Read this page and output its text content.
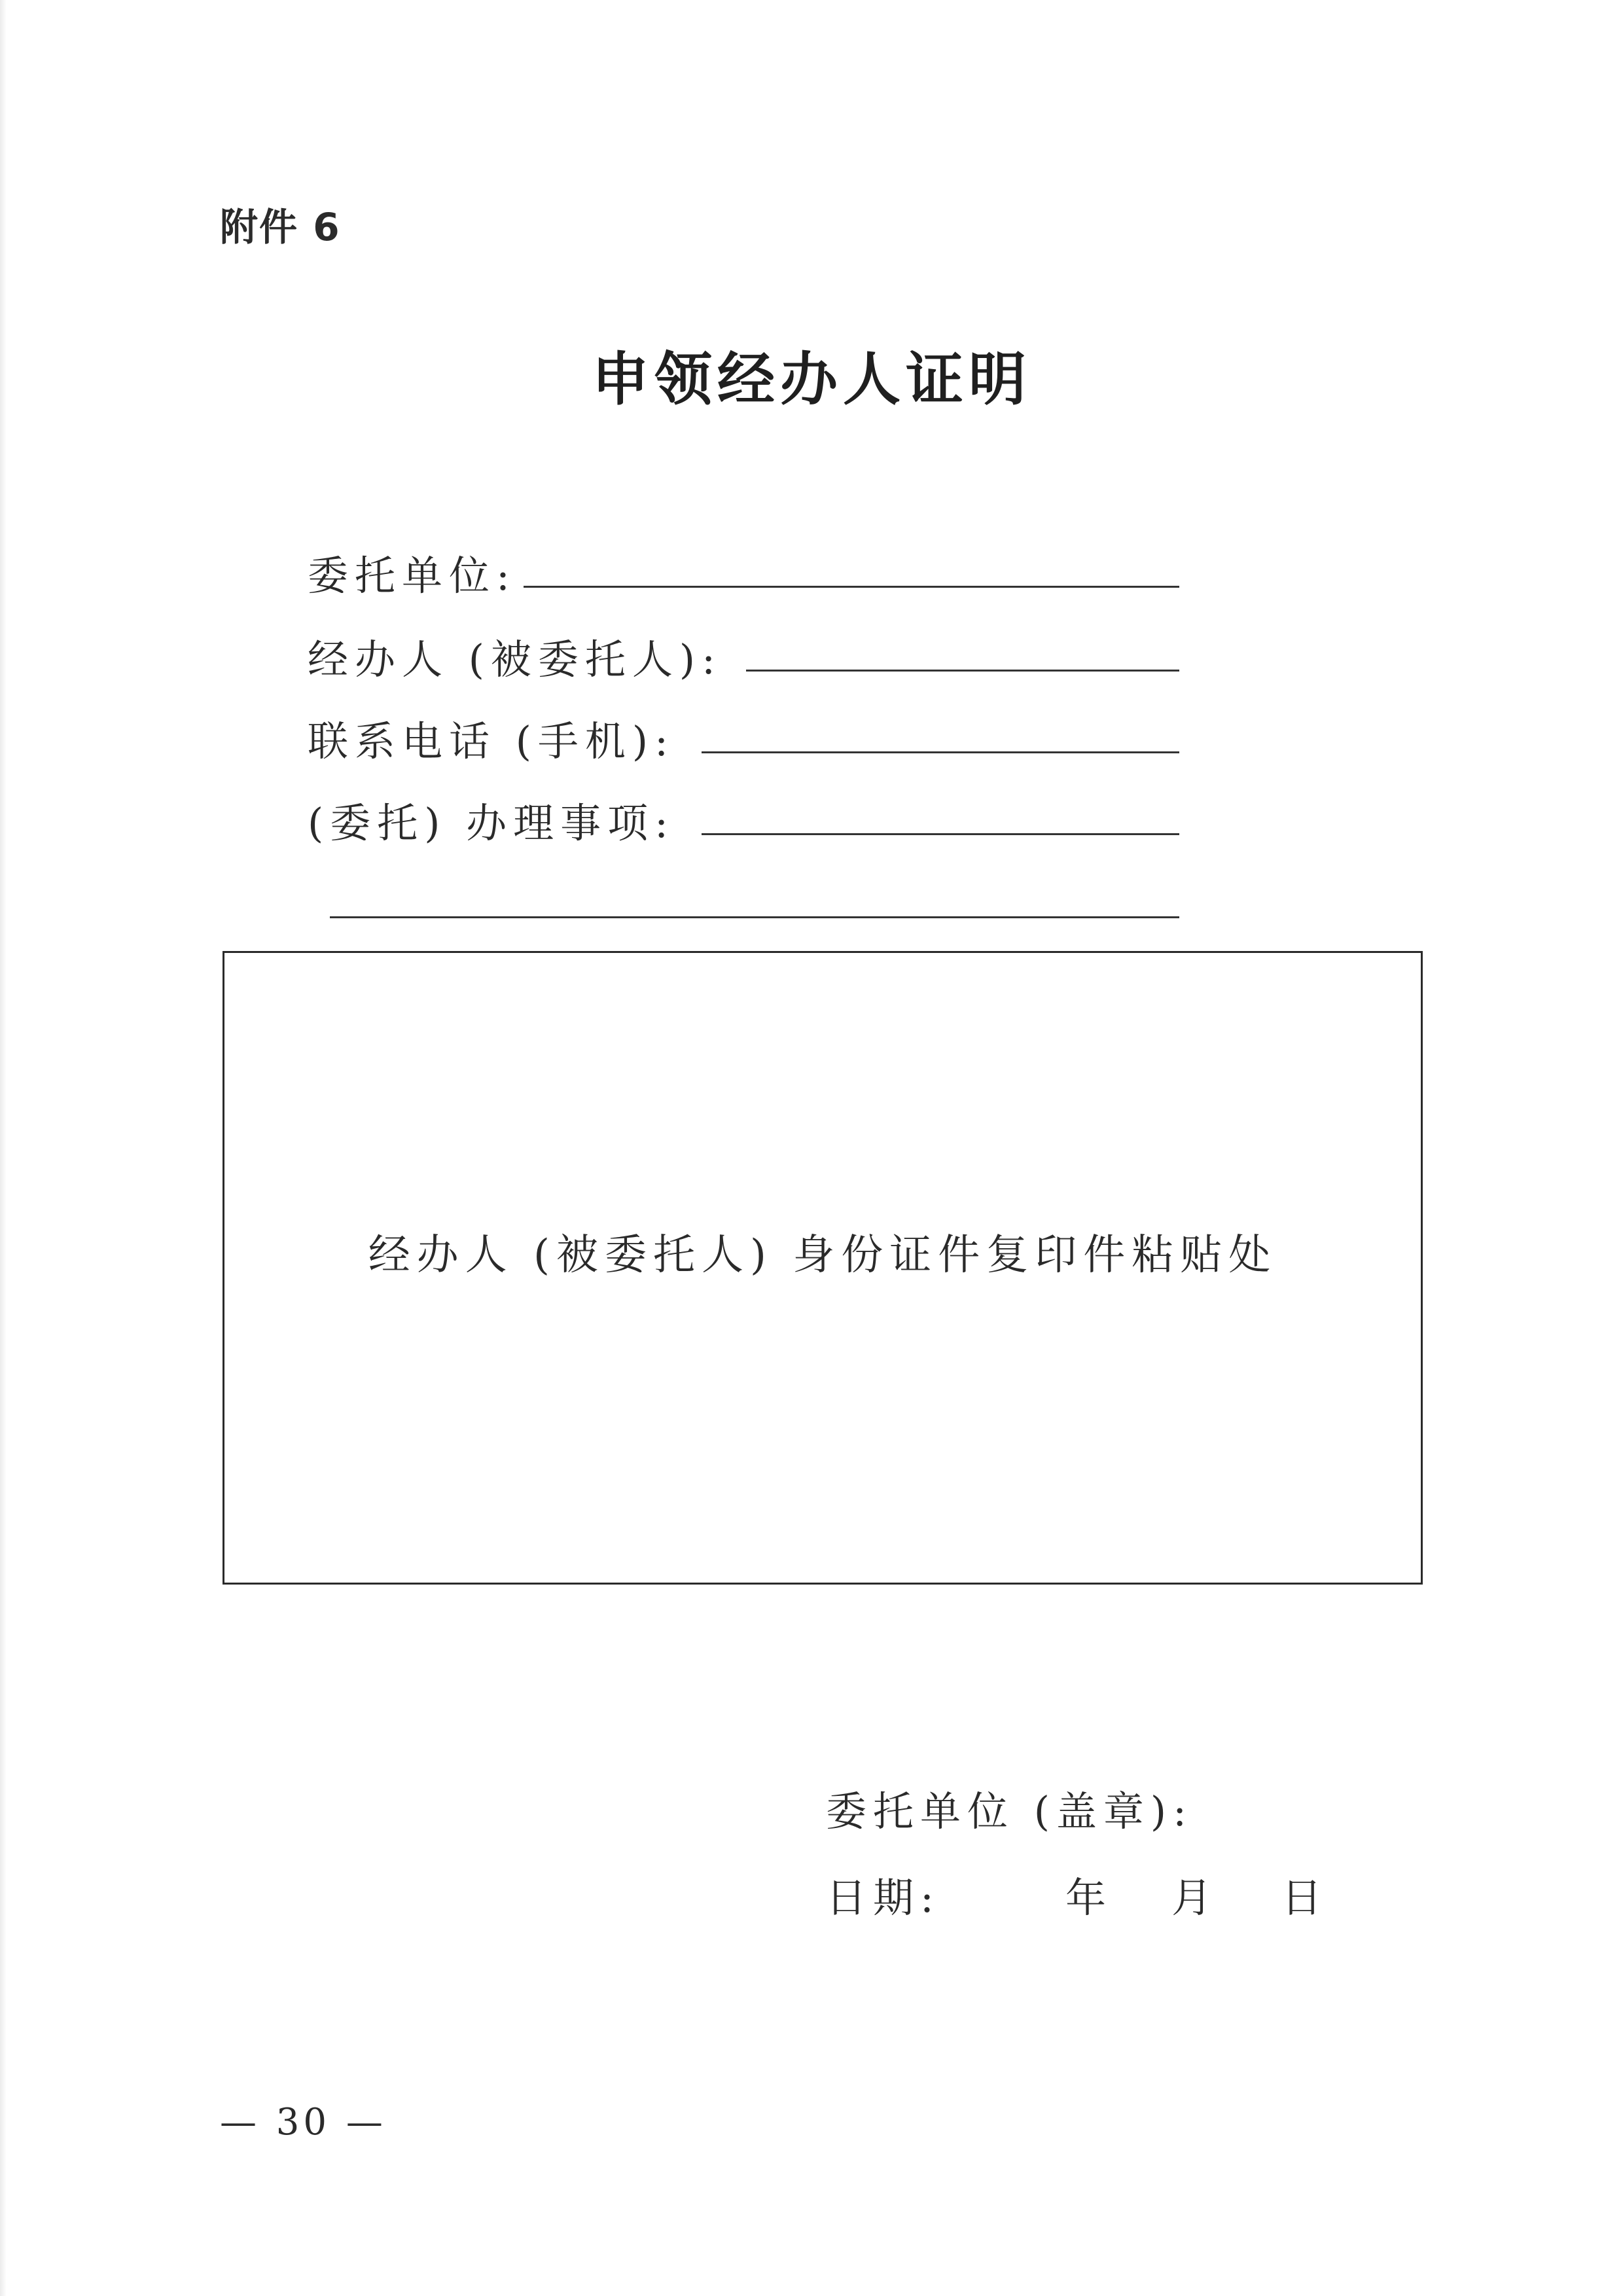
附件 6
申领经办人证明
委托单位:
经办人 (被委托人):
联系电话 (手机):
(委托) 办理事项:
经办人 (被委托人) 身份证件复印件粘贴处
委托单位 (盖章):
日期:	年 月 日
— 30 —
